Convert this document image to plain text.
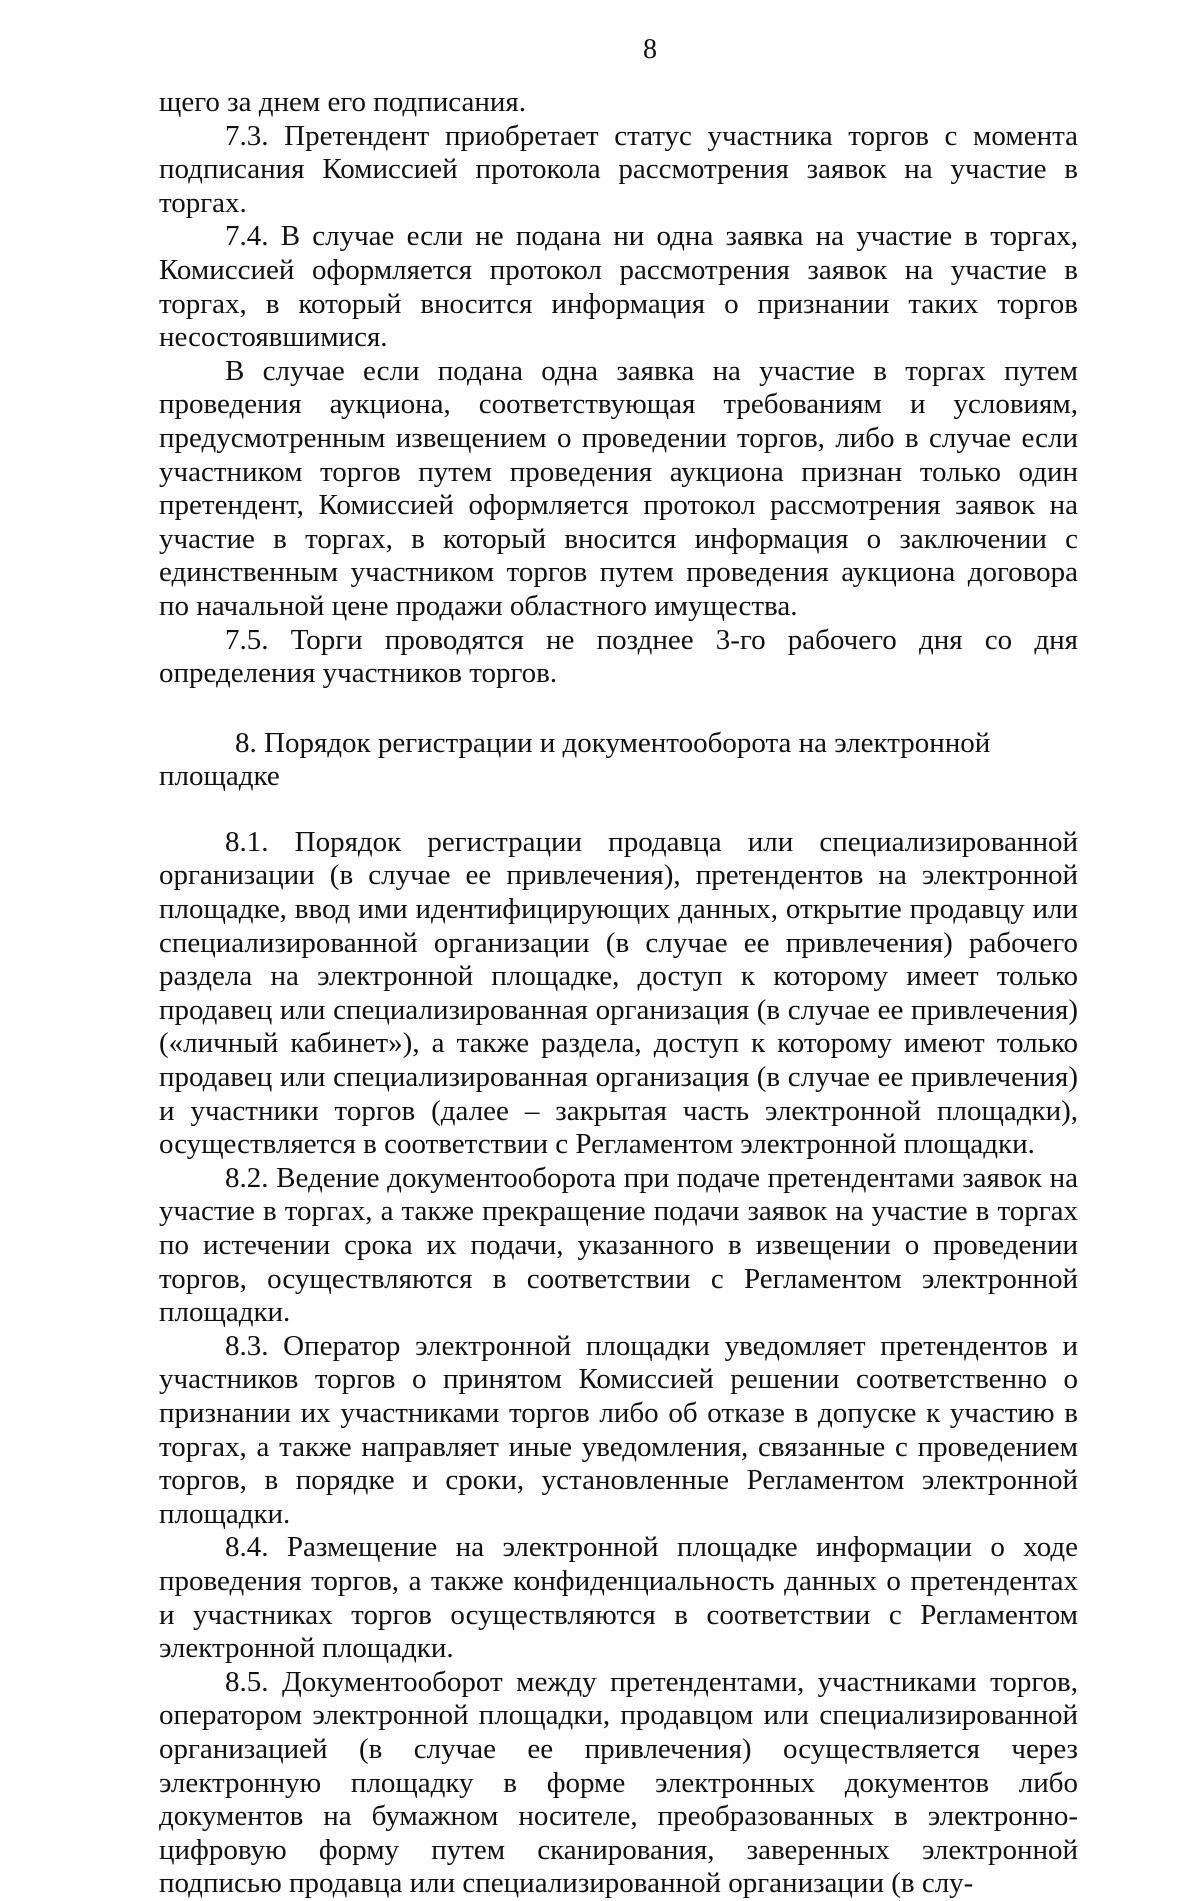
8

щего за днем его подписания.

7.3. Претендент приобретает статус участника торгов с момента подписания Комиссией протокола рассмотрения заявок на участие в торгах.

7.4. В случае если не подана ни одна заявка на участие в торгах, Комиссией оформляется протокол рассмотрения заявок на участие в торгах, в который вносится информация о признании таких торгов несостоявшимися.

В случае если подана одна заявка на участие в торгах путем проведения аукциона, соответствующая требованиям и условиям, предусмотренным извещением о проведении торгов, либо в случае если участником торгов путем проведения аукциона признан только один претендент, Комиссией оформляется протокол рассмотрения заявок на участие в торгах, в который вносится информация о заключении с единственным участником торгов путем проведения аукциона договора по начальной цене продажи областного имущества.

7.5. Торги проводятся не позднее 3-го рабочего дня со дня определения участников торгов.

8. Порядок регистрации и документооборота на электронной площадке

8.1. Порядок регистрации продавца или специализированной организации (в случае ее привлечения), претендентов на электронной площадке, ввод ими идентифицирующих данных, открытие продавцу или специализированной организации (в случае ее привлечения) рабочего раздела на электронной площадке, доступ к которому имеет только продавец или специализированная организация (в случае ее привлечения) («личный кабинет»), а также раздела, доступ к которому имеют только продавец или специализированная организация (в случае ее привлечения) и участники торгов (далее – закрытая часть электронной площадки), осуществляется в соответствии с Регламентом электронной площадки.

8.2. Ведение документооборота при подаче претендентами заявок на участие в торгах, а также прекращение подачи заявок на участие в торгах по истечении срока их подачи, указанного в извещении о проведении торгов, осуществляются в соответствии с Регламентом электронной площадки.

8.3. Оператор электронной площадки уведомляет претендентов и участников торгов о принятом Комиссией решении соответственно о признании их участниками торгов либо об отказе в допуске к участию в торгах, а также направляет иные уведомления, связанные с проведением торгов, в порядке и сроки, установленные Регламентом электронной площадки.

8.4. Размещение на электронной площадке информации о ходе проведения торгов, а также конфиденциальность данных о претендентах и участниках торгов осуществляются в соответствии с Регламентом электронной площадки.

8.5. Документооборот между претендентами, участниками торгов, оператором электронной площадки, продавцом или специализированной организацией (в случае ее привлечения) осуществляется через электронную площадку в форме электронных документов либо документов на бумажном носителе, преобразованных в электронно-цифровую форму путем сканирования, заверенных электронной подписью продавца или специализированной организации (в слу-
